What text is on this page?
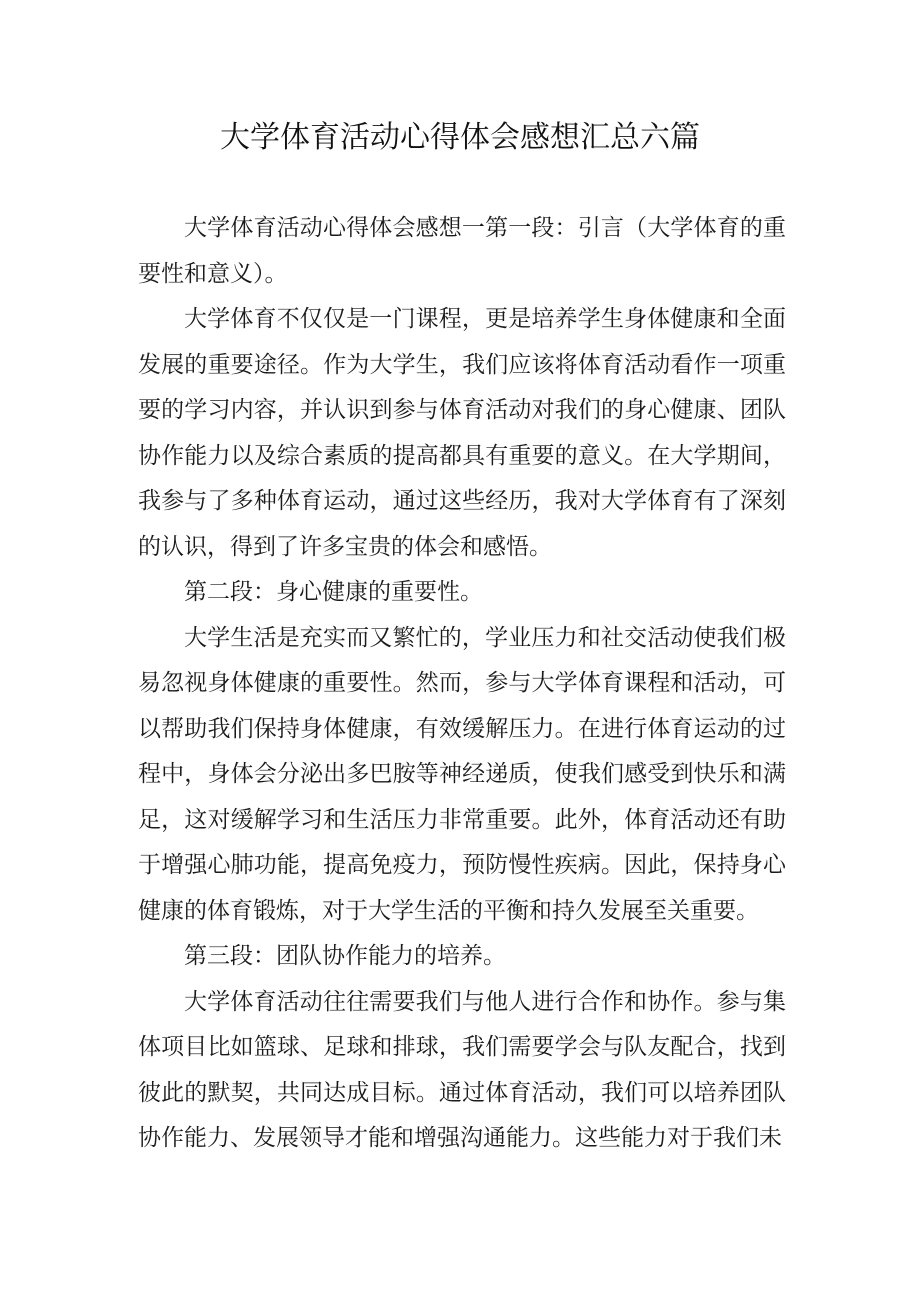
大学体育活动心得体会感想汇总六篇

大学体育活动心得体会感想一第一段：引言（大学体育的重要性和意义）。

大学体育不仅仅是一门课程，更是培养学生身体健康和全面发展的重要途径。作为大学生，我们应该将体育活动看作一项重要的学习内容，并认识到参与体育活动对我们的身心健康、团队协作能力以及综合素质的提高都具有重要的意义。在大学期间，我参与了多种体育运动，通过这些经历，我对大学体育有了深刻的认识，得到了许多宝贵的体会和感悟。

第二段：身心健康的重要性。

大学生活是充实而又繁忙的，学业压力和社交活动使我们极易忽视身体健康的重要性。然而，参与大学体育课程和活动，可以帮助我们保持身体健康，有效缓解压力。在进行体育运动的过程中，身体会分泌出多巴胺等神经递质，使我们感受到快乐和满足，这对缓解学习和生活压力非常重要。此外，体育活动还有助于增强心肺功能，提高免疫力，预防慢性疾病。因此，保持身心健康的体育锻炼，对于大学生活的平衡和持久发展至关重要。

第三段：团队协作能力的培养。

大学体育活动往往需要我们与他人进行合作和协作。参与集体项目比如篮球、足球和排球，我们需要学会与队友配合，找到彼此的默契，共同达成目标。通过体育活动，我们可以培养团队协作能力、发展领导才能和增强沟通能力。这些能力对于我们未
